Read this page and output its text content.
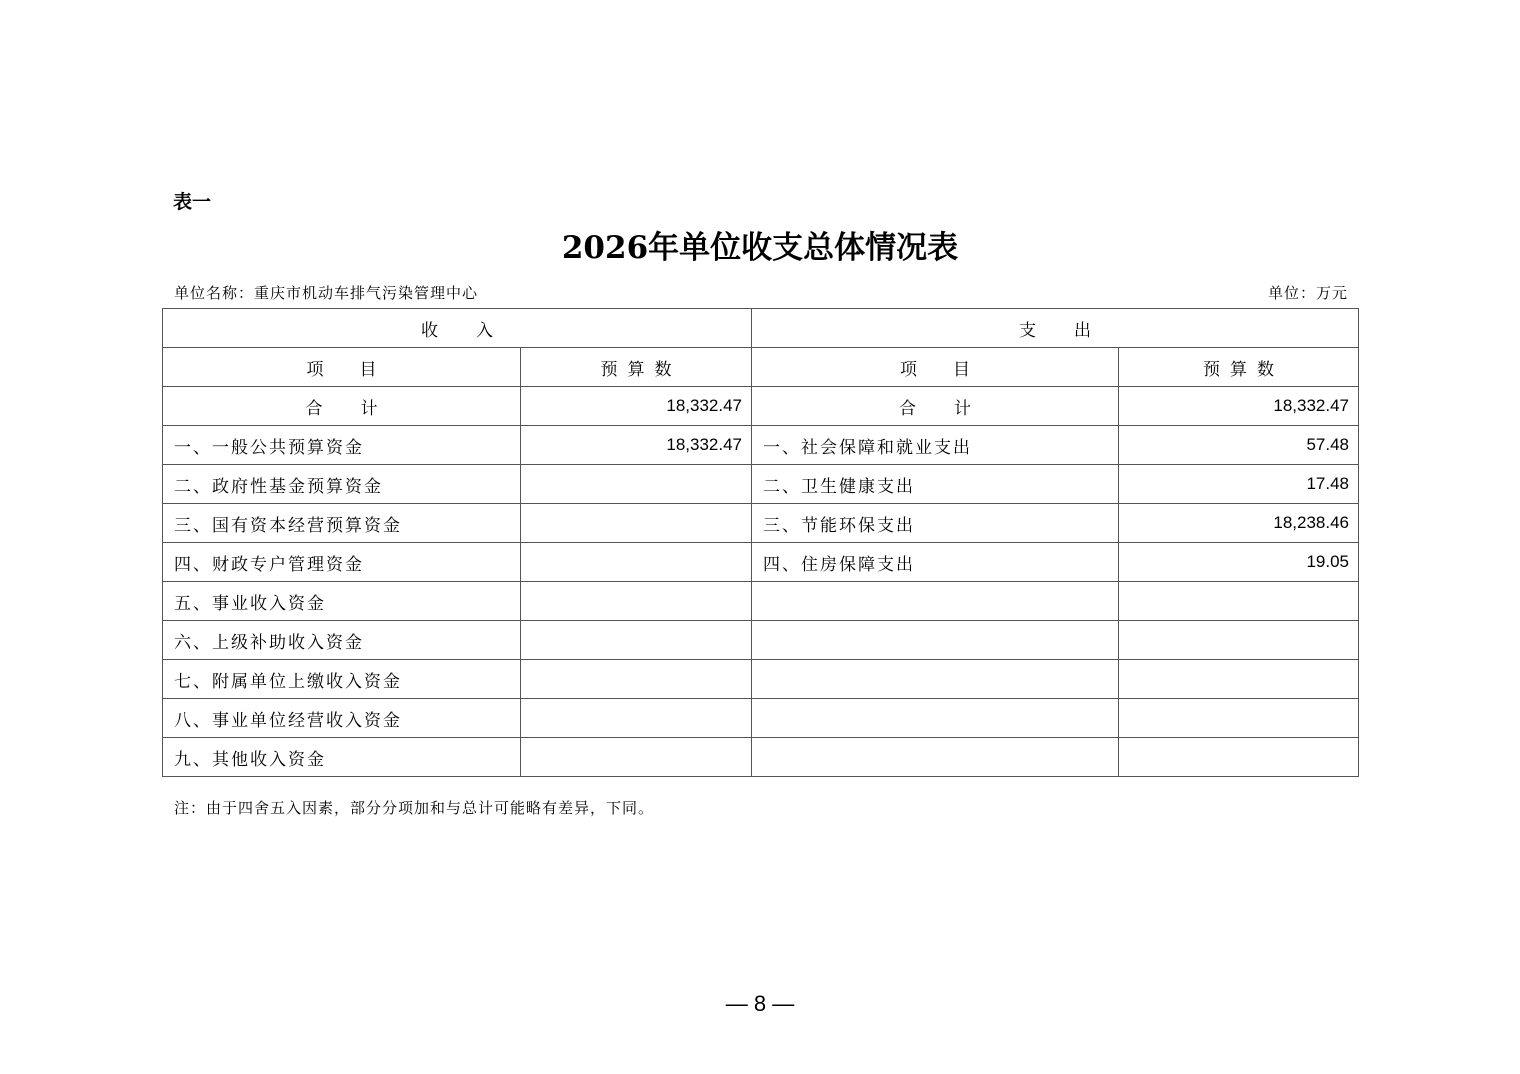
表一
2026年单位收支总体情况表
单位名称：重庆市机动车排气污染管理中心	单位：万元
收入		支出	
项目	预算数	项目	预算数
合计	18,332.47	合计	18,332.47
一、一般公共预算资金	18,332.47	一、社会保障和就业支出	57.48
二、政府性基金预算资金		二、卫生健康支出	17.48
三、国有资本经营预算资金		三、节能环保支出	18,238.46
四、财政专户管理资金		四、住房保障支出	19.05
五、事业收入资金			
六、上级补助收入资金			
七、附属单位上缴收入资金			
八、事业单位经营收入资金			
九、其他收入资金			
注：由于四舍五入因素，部分分项加和与总计可能略有差异，下同。
— 8 —
